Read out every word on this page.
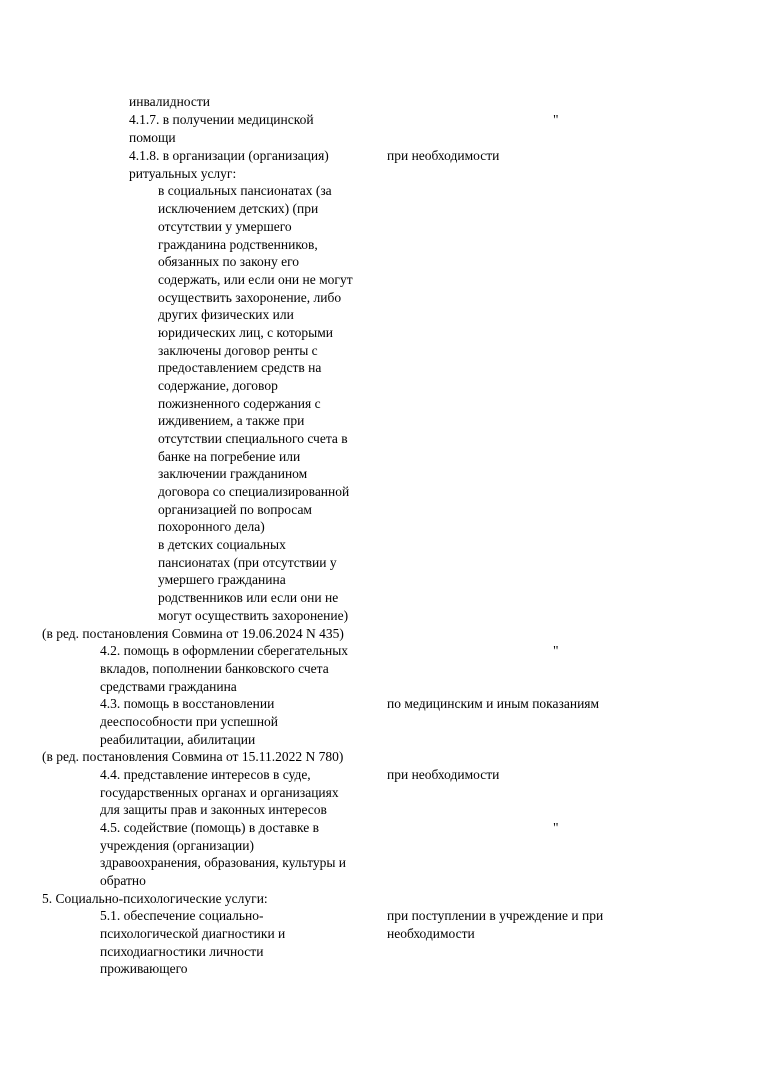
инвалидности
4.1.7. в получении медицинской	"
помощи
4.1.8. в организации (организация)	при необходимости
ритуальных услуг:
в социальных пансионатах (за
исключением детских) (при
отсутствии у умершего
гражданина родственников,
обязанных по закону его
содержать, или если они не могут
осуществить захоронение, либо
других физических или
юридических лиц, с которыми
заключены договор ренты с
предоставлением средств на
содержание, договор
пожизненного содержания с
иждивением, а также при
отсутствии специального счета в
банке на погребение или
заключении гражданином
договора со специализированной
организацией по вопросам
похоронного дела)
в детских социальных
пансионатах (при отсутствии у
умершего гражданина
родственников или если они не
могут осуществить захоронение)
(в ред. постановления Совмина от 19.06.2024 N 435)
4.2. помощь в оформлении сберегательных	"
вкладов, пополнении банковского счета
средствами гражданина
4.3. помощь в восстановлении	по медицинским и иным показаниям
дееспособности при успешной
реабилитации, абилитации
(в ред. постановления Совмина от 15.11.2022 N 780)
4.4. представление интересов в суде,	при необходимости
государственных органах и организациях
для защиты прав и законных интересов
4.5. содействие (помощь) в доставке в	"
учреждения (организации)
здравоохранения, образования, культуры и
обратно
5. Социально-психологические услуги:
5.1. обеспечение социально-	при поступлении в учреждение и при
психологической диагностики и	необходимости
психодиагностики личности
проживающего
